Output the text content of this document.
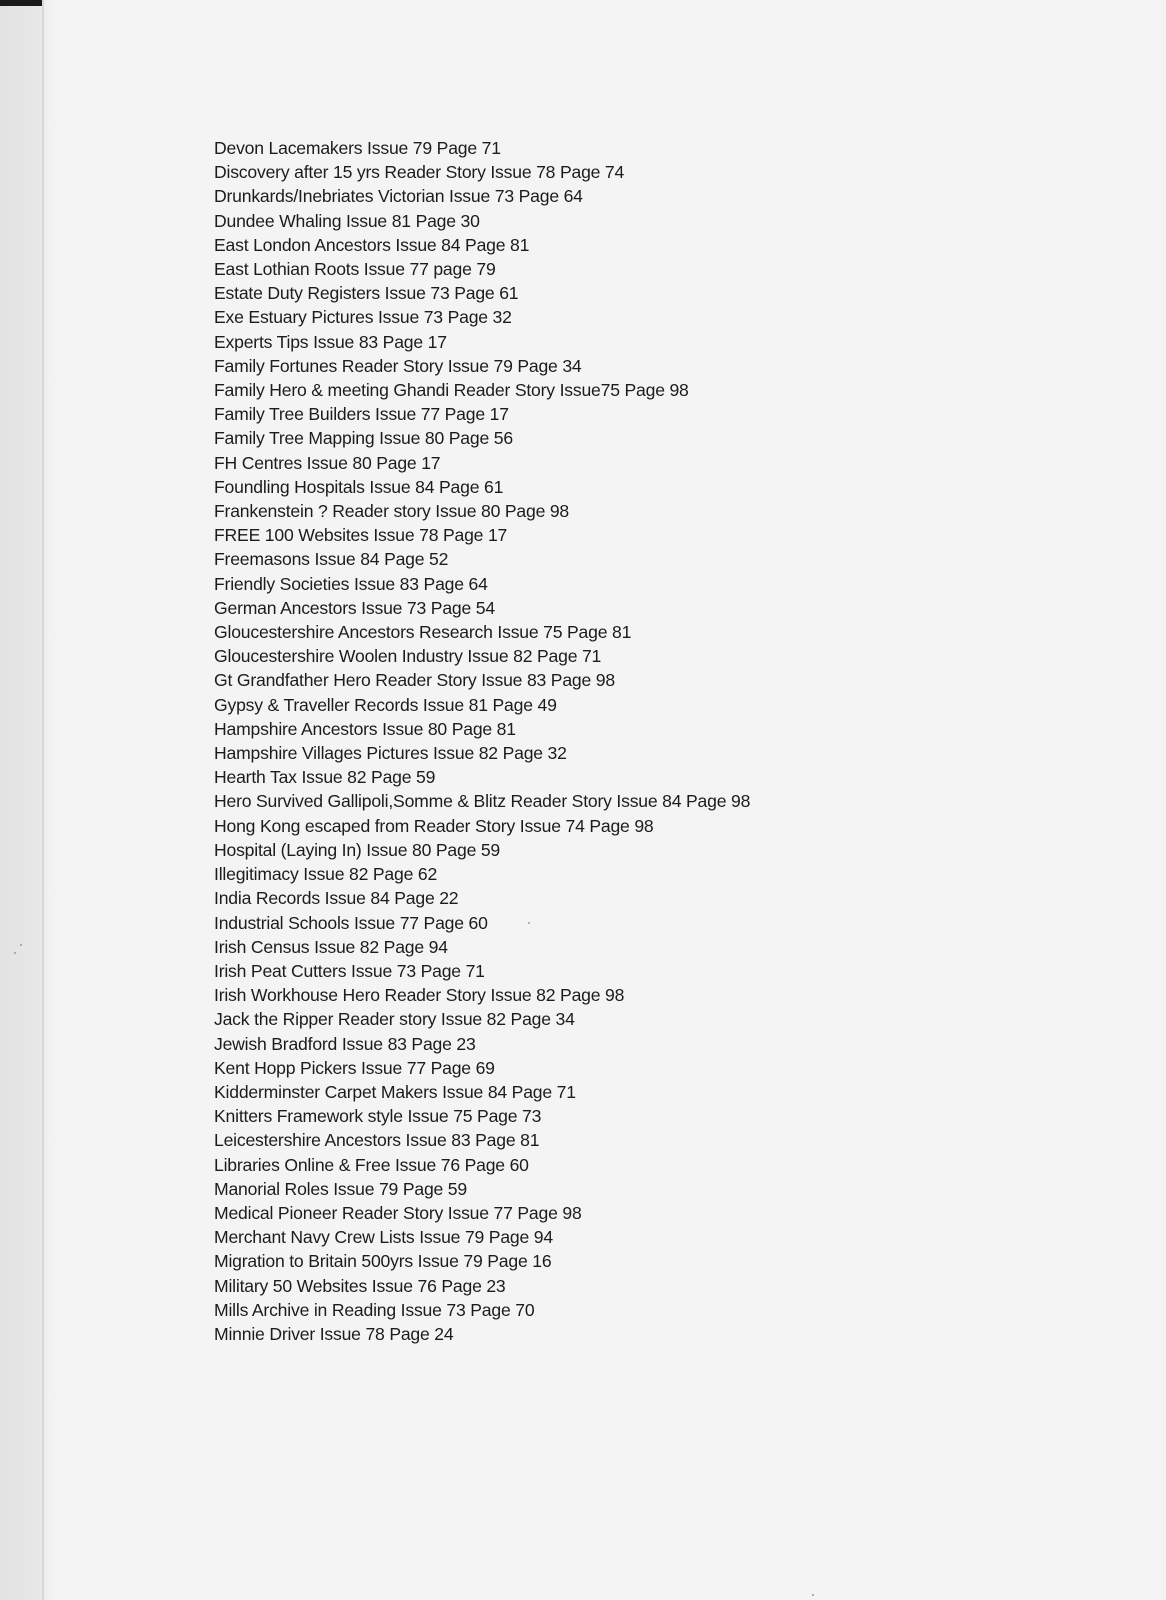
Devon Lacemakers Issue 79 Page 71
Discovery after 15 yrs Reader Story Issue 78 Page 74
Drunkards/Inebriates Victorian Issue 73 Page 64
Dundee Whaling Issue 81 Page 30
East London Ancestors Issue 84 Page 81
East Lothian Roots Issue 77 page 79
Estate Duty Registers Issue 73 Page 61
Exe Estuary Pictures Issue 73 Page 32
Experts Tips Issue 83 Page 17
Family Fortunes Reader Story Issue 79 Page 34
Family Hero & meeting Ghandi Reader Story Issue75 Page 98
Family Tree Builders Issue 77 Page 17
Family Tree Mapping Issue 80 Page 56
FH Centres Issue 80 Page 17
Foundling Hospitals Issue 84 Page 61
Frankenstein ? Reader story Issue 80 Page 98
FREE 100 Websites Issue 78 Page 17
Freemasons Issue 84 Page 52
Friendly Societies Issue 83 Page 64
German Ancestors Issue 73 Page 54
Gloucestershire Ancestors Research Issue 75 Page 81
Gloucestershire Woolen Industry Issue 82 Page 71
Gt Grandfather Hero Reader Story Issue 83 Page 98
Gypsy & Traveller Records Issue 81 Page 49
Hampshire Ancestors Issue 80 Page 81
Hampshire Villages Pictures Issue 82 Page 32
Hearth Tax Issue 82 Page 59
Hero Survived Gallipoli,Somme & Blitz Reader Story Issue 84 Page 98
Hong Kong escaped from Reader Story Issue 74 Page 98
Hospital (Laying In) Issue 80 Page 59
Illegitimacy Issue 82 Page 62
India Records Issue 84 Page 22
Industrial Schools Issue 77 Page 60
Irish Census Issue 82 Page 94
Irish Peat Cutters Issue 73 Page 71
Irish Workhouse Hero Reader Story Issue 82 Page 98
Jack the Ripper Reader story Issue 82 Page 34
Jewish Bradford Issue 83 Page 23
Kent Hopp Pickers Issue 77 Page 69
Kidderminster Carpet Makers Issue 84 Page 71
Knitters Framework style Issue 75 Page 73
Leicestershire Ancestors Issue 83 Page 81
Libraries Online & Free Issue 76 Page 60
Manorial Roles Issue 79 Page 59
Medical Pioneer Reader Story Issue 77 Page 98
Merchant Navy Crew Lists Issue 79 Page 94
Migration to Britain 500yrs Issue 79 Page 16
Military 50 Websites Issue 76 Page 23
Mills Archive in Reading Issue 73 Page 70
Minnie Driver Issue 78 Page 24
